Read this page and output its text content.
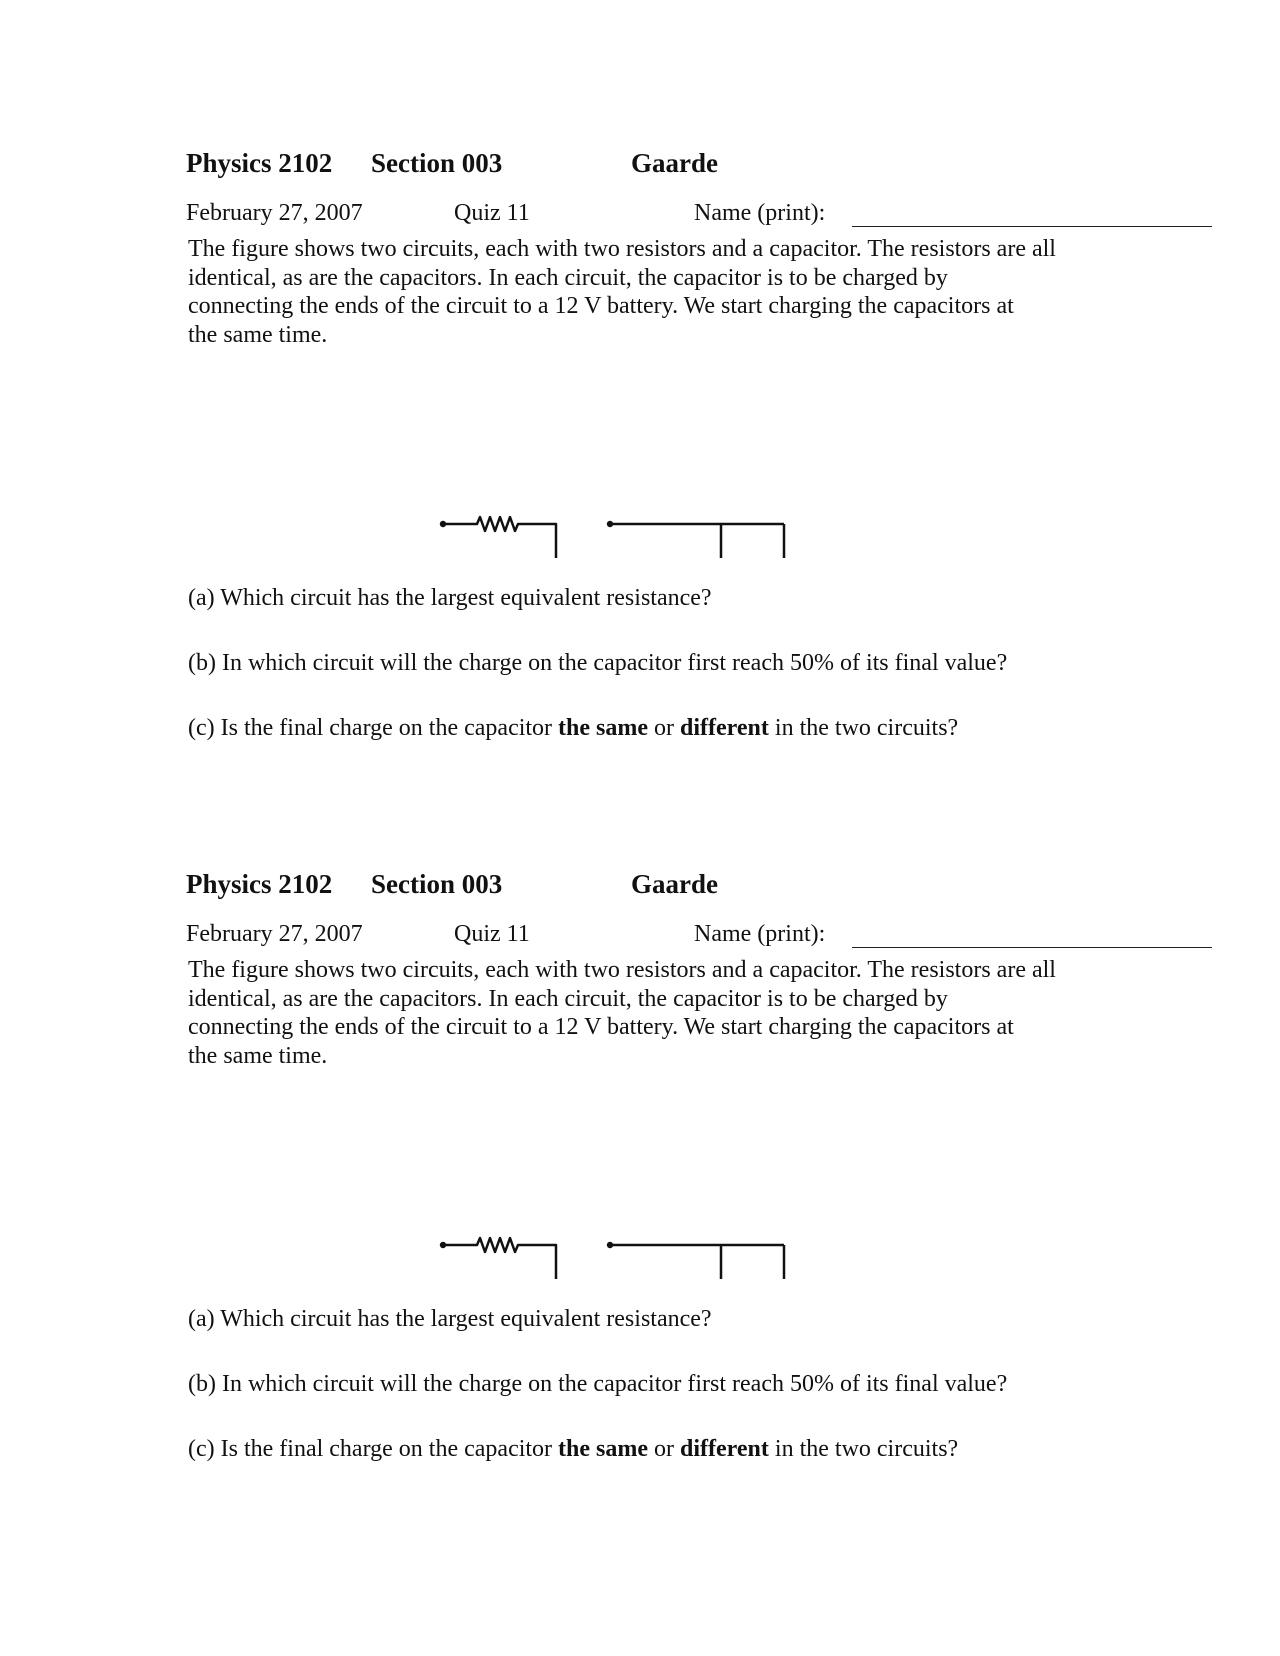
Physics 2102 Section 003	Gaarde
February 27, 2007	Quiz 11	Name (print):
The figure shows two circuits, each with two resistors and a capacitor. The resistors are all
identical, as are the capacitors. In each circuit, the capacitor is to be charged by
connecting the ends of the circuit to a 12 V battery. We start charging the capacitors at
the same time.
(a) Which circuit has the largest equivalent resistance?
(b) In which circuit will the charge on the capacitor first reach 50% of its final value?
(c) Is the final charge on the capacitor the same or different in the two circuits?
Physics 2102 Section 003	Gaarde
February 27, 2007	Quiz 11	Name (print):
The figure shows two circuits, each with two resistors and a capacitor. The resistors are all
identical, as are the capacitors. In each circuit, the capacitor is to be charged by
connecting the ends of the circuit to a 12 V battery. We start charging the capacitors at
the same time.
(a) Which circuit has the largest equivalent resistance?
(b) In which circuit will the charge on the capacitor first reach 50% of its final value?
(c) Is the final charge on the capacitor the same or different in the two circuits?
